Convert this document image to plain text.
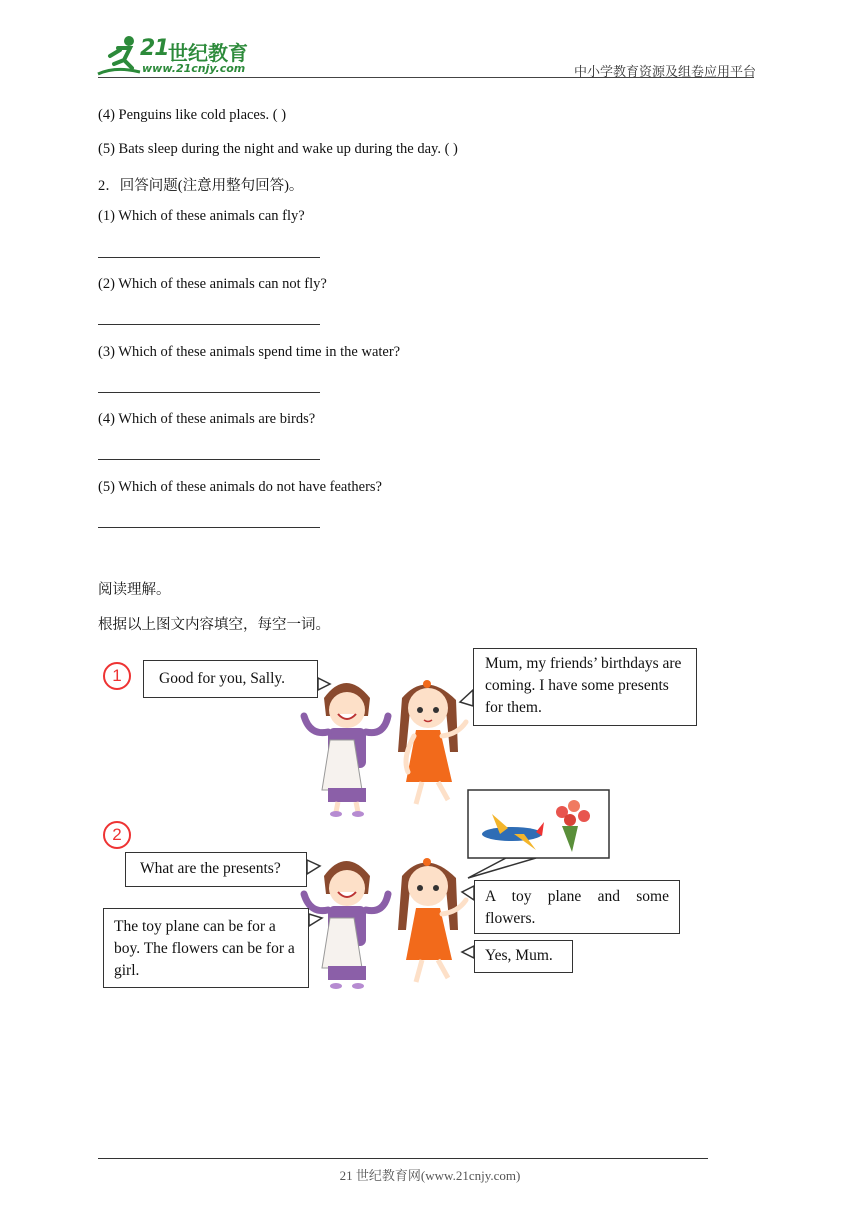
21 世纪教育
www.21cnjy.com	中小学教育资源及组卷应用平台
(4) Penguins like cold places. ( )
(5) Bats sleep during the night and wake up during the day. ( )
2．回答问题(注意用整句回答)。
(1) Which of these animals can fly?
(2) Which of these animals can not fly?
(3) Which of these animals spend time in the water?
(4) Which of these animals are birds?
(5) Which of these animals do not have feathers?
阅读理解。
根据以上图文内容填空，每空一词。
1
2
Good for you, Sally.
Mum, my friends’ birthdays are coming. I have some presents for them.
What are the presents?
A toy plane and some flowers.
The toy plane can be for a boy. The flowers can be for a girl.
Yes, Mum.
21 世纪教育网(www.21cnjy.com)
